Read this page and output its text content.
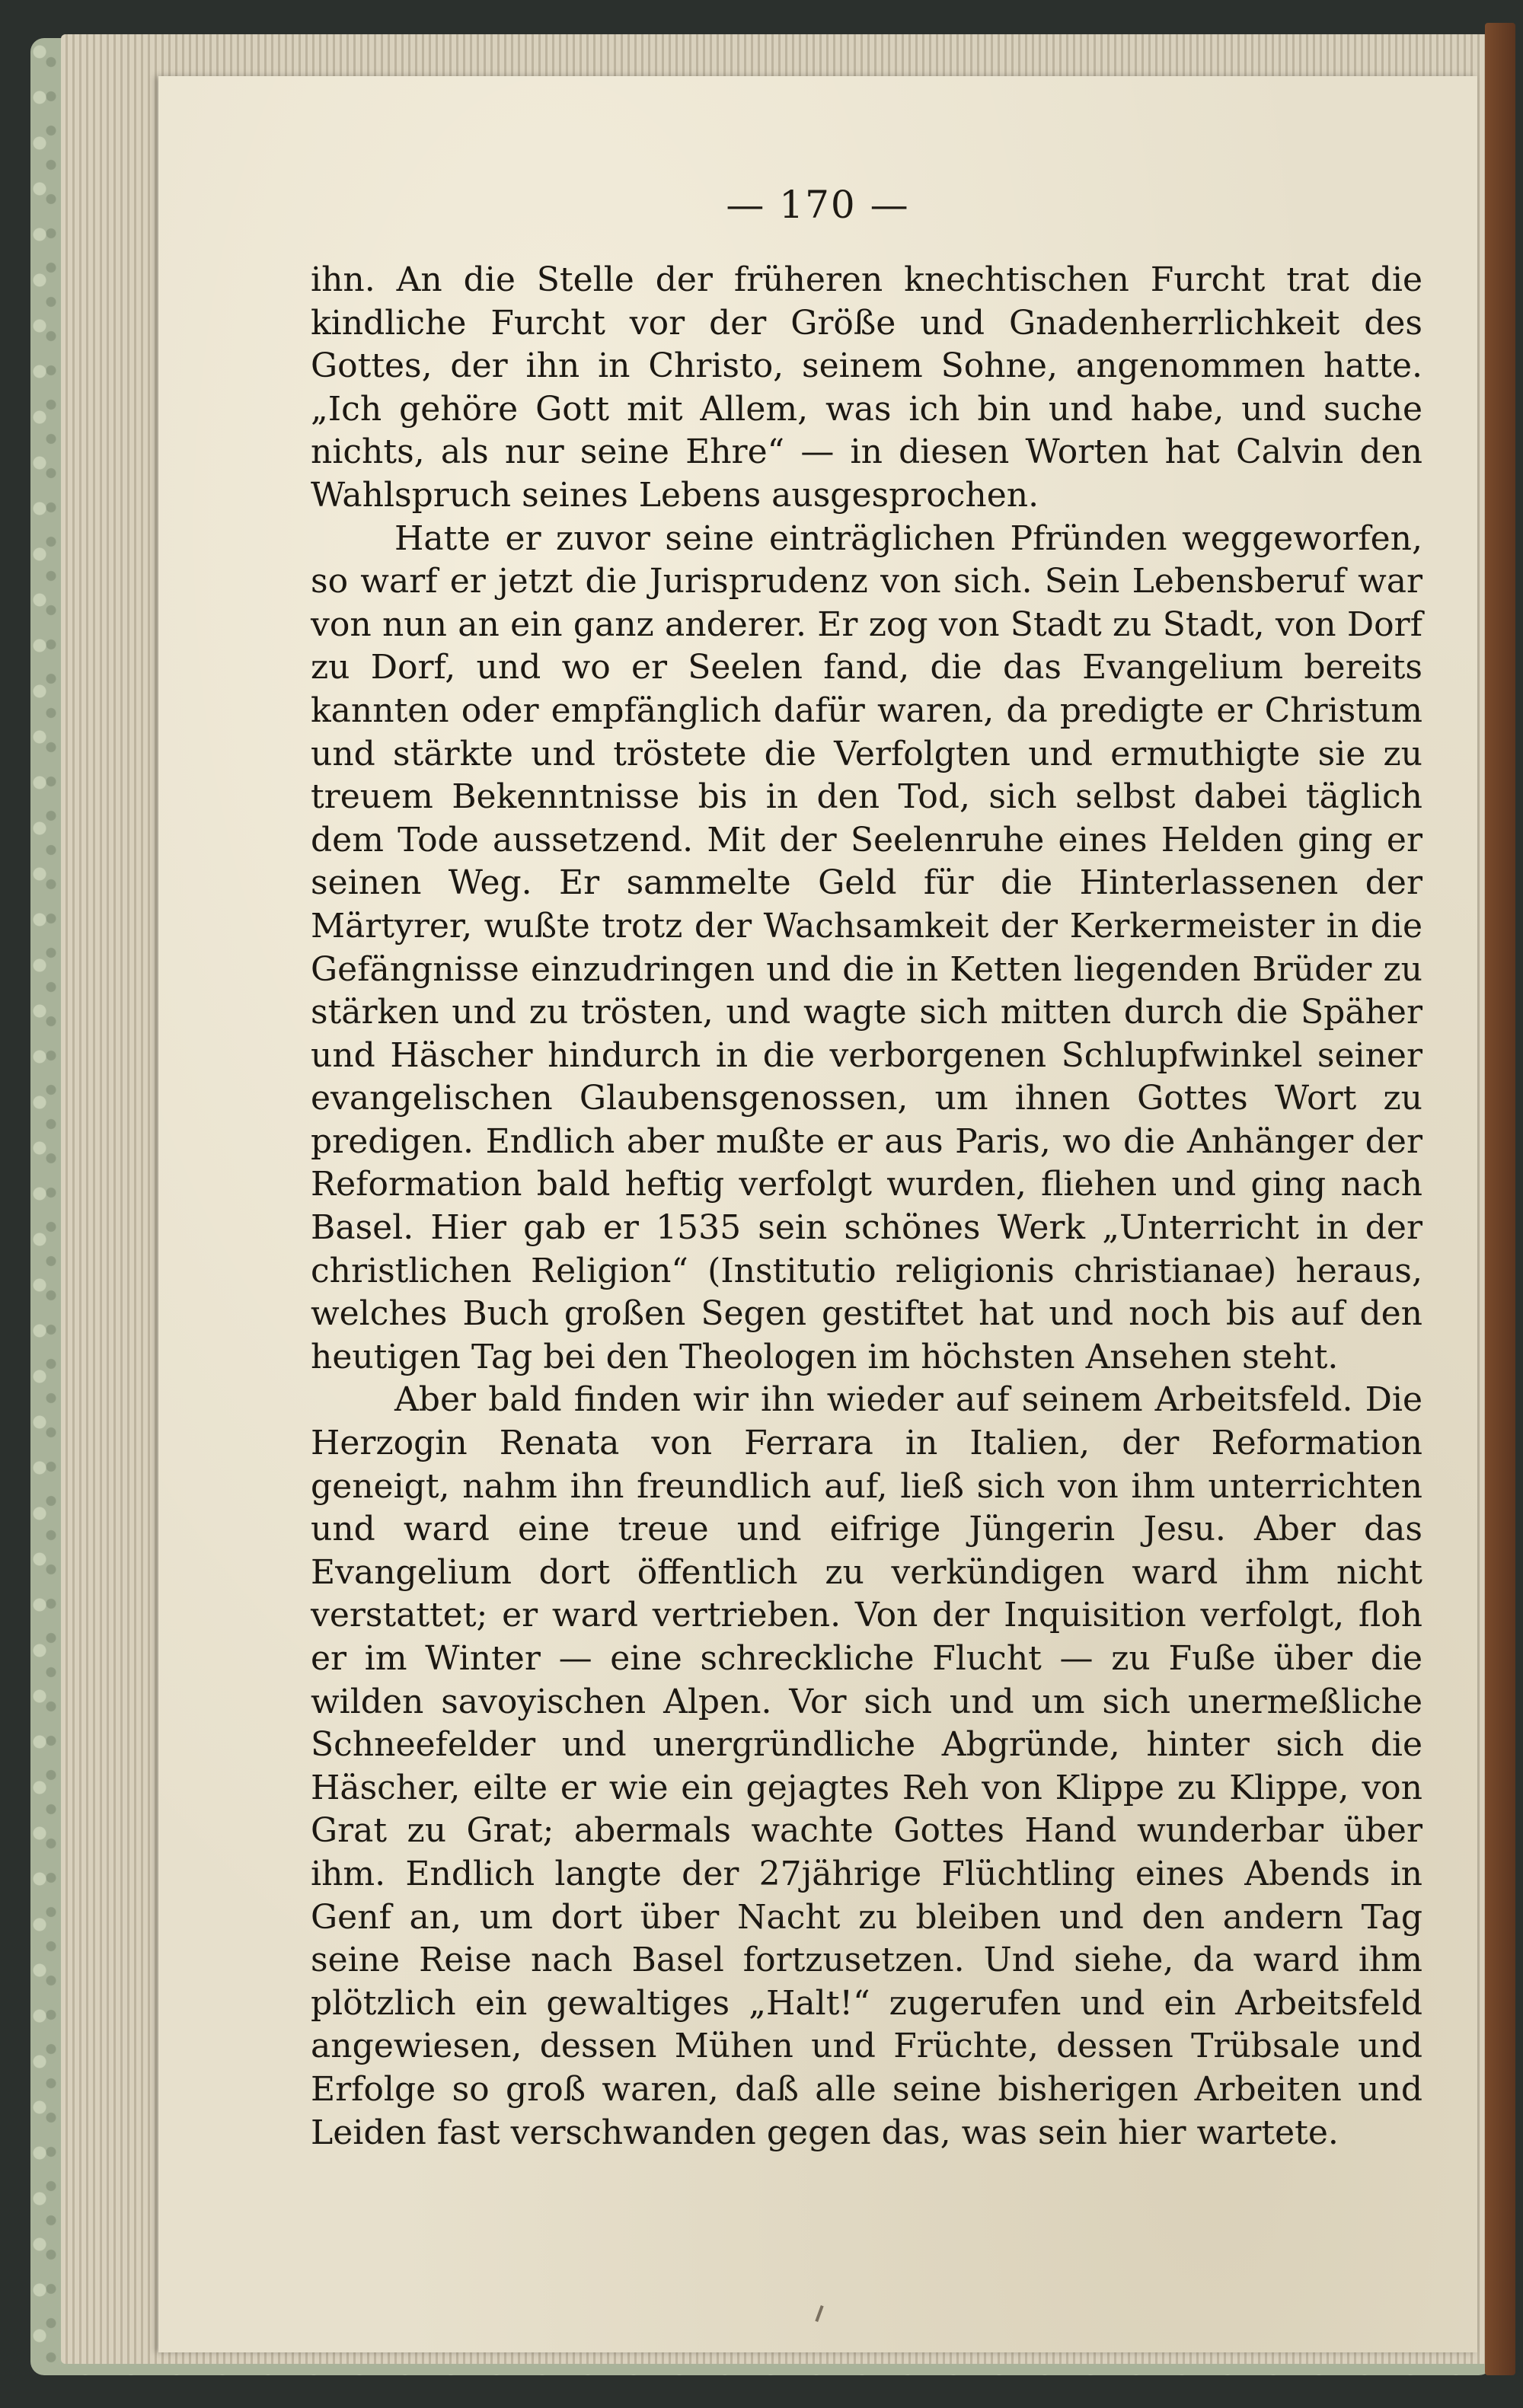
— 170 —

ihn. An die Stelle der früheren knechtischen Furcht trat die kindliche Furcht vor der Größe und Gnadenherrlichkeit des Gottes, der ihn in Christo, seinem Sohne, angenommen hatte. „Ich gehöre Gott mit Allem, was ich bin und habe, und suche nichts, als nur seine Ehre“ — in diesen Worten hat Calvin den Wahlspruch seines Lebens ausgesprochen.

Hatte er zuvor seine einträglichen Pfründen weggeworfen, so warf er jetzt die Jurisprudenz von sich. Sein Lebensberuf war von nun an ein ganz anderer. Er zog von Stadt zu Stadt, von Dorf zu Dorf, und wo er Seelen fand, die das Evangelium bereits kannten oder empfänglich dafür waren, da predigte er Christum und stärkte und tröstete die Verfolgten und ermuthigte sie zu treuem Bekenntnisse bis in den Tod, sich selbst dabei täglich dem Tode aussetzend. Mit der Seelenruhe eines Helden ging er seinen Weg. Er sammelte Geld für die Hinterlassenen der Märtyrer, wußte trotz der Wachsamkeit der Kerkermeister in die Gefängnisse einzudringen und die in Ketten liegenden Brüder zu stärken und zu trösten, und wagte sich mitten durch die Späher und Häscher hindurch in die verborgenen Schlupfwinkel seiner evangelischen Glaubensgenossen, um ihnen Gottes Wort zu predigen. Endlich aber mußte er aus Paris, wo die Anhänger der Reformation bald heftig verfolgt wurden, fliehen und ging nach Basel. Hier gab er 1535 sein schönes Werk „Unterricht in der christlichen Religion“ (Institutio religionis christianae) heraus, welches Buch großen Segen gestiftet hat und noch bis auf den heutigen Tag bei den Theologen im höchsten Ansehen steht.

Aber bald finden wir ihn wieder auf seinem Arbeitsfeld. Die Herzogin Renata von Ferrara in Italien, der Reformation geneigt, nahm ihn freundlich auf, ließ sich von ihm unterrichten und ward eine treue und eifrige Jüngerin Jesu. Aber das Evangelium dort öffentlich zu verkündigen ward ihm nicht verstattet; er ward vertrieben. Von der Inquisition verfolgt, floh er im Winter — eine schreckliche Flucht — zu Fuße über die wilden savoyischen Alpen. Vor sich und um sich unermeßliche Schneefelder und unergründliche Abgründe, hinter sich die Häscher, eilte er wie ein gejagtes Reh von Klippe zu Klippe, von Grat zu Grat; abermals wachte Gottes Hand wunderbar über ihm. Endlich langte der 27jährige Flüchtling eines Abends in Genf an, um dort über Nacht zu bleiben und den andern Tag seine Reise nach Basel fortzusetzen. Und siehe, da ward ihm plötzlich ein gewaltiges „Halt!“ zugerufen und ein Arbeitsfeld angewiesen, dessen Mühen und Früchte, dessen Trübsale und Erfolge so groß waren, daß alle seine bisherigen Arbeiten und Leiden fast verschwanden gegen das, was sein hier wartete.
